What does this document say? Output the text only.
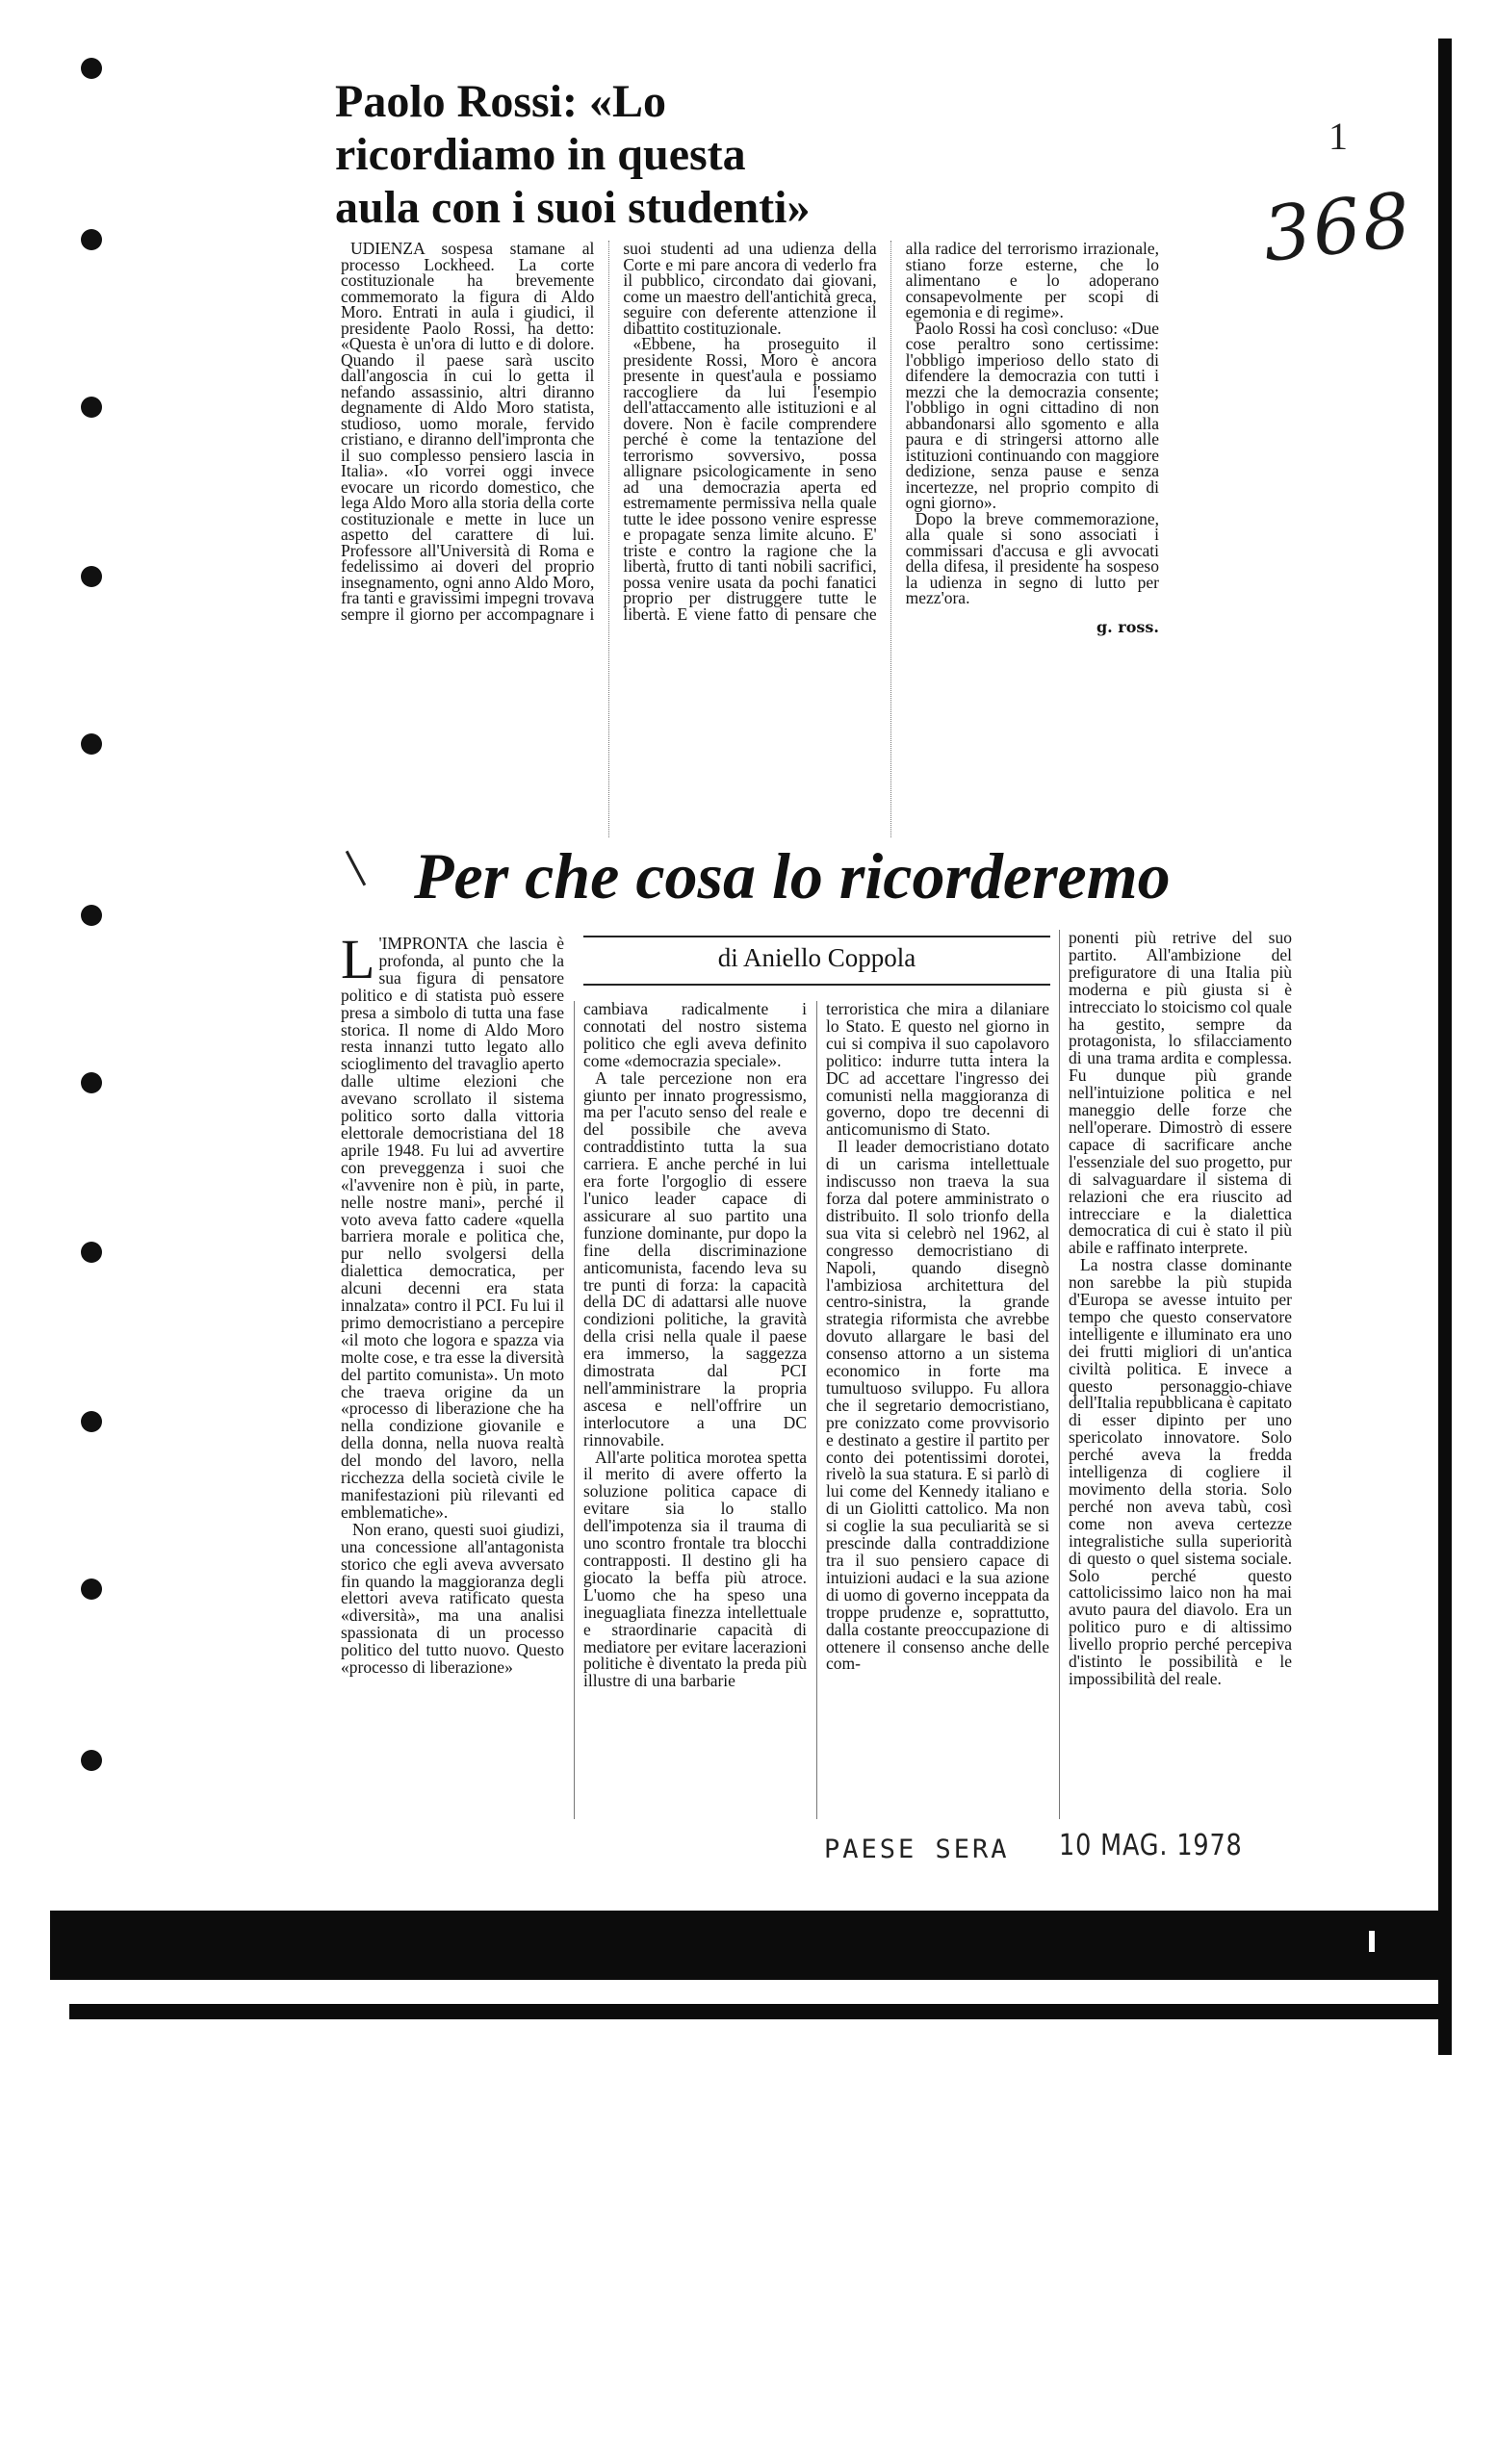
1
368
Paolo Rossi: «Lo ricordiamo in questa aula con i suoi studenti»

UDIENZA sospesa stamane al processo Lockheed. La corte costituzionale ha brevemente commemorato la figura di Aldo Moro. Entrati in aula i giudici, il presidente Paolo Rossi, ha detto: «Questa è un'ora di lutto e di dolore. Quando il paese sarà uscito dall'angoscia in cui lo getta il nefando assassinio, altri diranno degnamente di Aldo Moro statista, studioso, uomo morale, fervido cristiano, e diranno dell'impronta che il suo complesso pensiero lascia in Italia». «Io vorrei oggi invece evocare un ricordo domestico, che lega Aldo Moro alla storia della corte costituzionale e mette in luce un aspetto del carattere di lui. Professore all'Università di Roma e fedelissimo ai doveri del proprio insegnamento, ogni anno Aldo Moro, fra tanti e gravissimi impegni trovava sempre il giorno per accompagnare i suoi studenti ad una udienza della Corte e mi pare ancora di vederlo fra il pubblico, circondato dai giovani, come un maestro dell'antichità greca, seguire con deferente attenzione il dibattito costituzionale.

«Ebbene, ha proseguito il presidente Rossi, Moro è ancora presente in quest'aula e possiamo raccogliere da lui l'esempio dell'attaccamento alle istituzioni e al dovere. Non è facile comprendere perché è come la tentazione del terrorismo sovversivo, possa allignare psicologicamente in seno ad una democrazia aperta ed estremamente permissiva nella quale tutte le idee possono venire espresse e propagate senza limite alcuno. E' triste e contro la ragione che la libertà, frutto di tanti nobili sacrifici, possa venire usata da pochi fanatici proprio per distruggere tutte le libertà. E viene fatto di pensare che alla radice del terrorismo irrazionale, stiano forze esterne, che lo alimentano e lo adoperano consapevolmente per scopi di egemonia e di regime».

Paolo Rossi ha così concluso: «Due cose peraltro sono certissime: l'obbligo imperioso dello stato di difendere la democrazia con tutti i mezzi che la democrazia consente; l'obbligo in ogni cittadino di non abbandonarsi allo sgomento e alla paura e di stringersi attorno alle istituzioni continuando con maggiore dedizione, senza pause e senza incertezze, nel proprio compito di ogni giorno».

Dopo la breve commemorazione, alla quale si sono associati i commissari d'accusa e gli avvocati della difesa, il presidente ha sospeso la udienza in segno di lutto per mezz'ora.

g. ross.

Per che cosa lo ricorderemo
di Aniello Coppola

L 'IMPRONTA che lascia è profonda, al punto che la sua figura di pensatore politico e di statista può essere presa a simbolo di tutta una fase storica. Il nome di Aldo Moro resta innanzi tutto legato allo scioglimento del travaglio aperto dalle ultime elezioni che avevano scrollato il sistema politico sorto dalla vittoria elettorale democristiana del 18 aprile 1948. Fu lui ad avvertire con preveggenza i suoi che «l'avvenire non è più, in parte, nelle nostre mani», perché il voto aveva fatto cadere «quella barriera morale e politica che, pur nello svolgersi della dialettica democratica, per alcuni decenni era stata innalzata» contro il PCI. Fu lui il primo democristiano a percepire «il moto che logora e spazza via molte cose, e tra esse la diversità del partito comunista». Un moto che traeva origine da un «processo di liberazione che ha nella condizione giovanile e della donna, nella nuova realtà del mondo del lavoro, nella ricchezza della società civile le manifestazioni più rilevanti ed emblematiche».

Non erano, questi suoi giudizi, una concessione all'antagonista storico che egli aveva avversato fin quando la maggioranza degli elettori aveva ratificato questa «diversità», ma una analisi spassionata di un processo politico del tutto nuovo. Questo «processo di liberazione»

cambiava radicalmente i connotati del nostro sistema politico che egli aveva definito come «democrazia speciale».

A tale percezione non era giunto per innato progressismo, ma per l'acuto senso del reale e del possibile che aveva contraddistinto tutta la sua carriera. E anche perché in lui era forte l'orgoglio di essere l'unico leader capace di assicurare al suo partito una funzione dominante, pur dopo la fine della discriminazione anticomunista, facendo leva su tre punti di forza: la capacità della DC di adattarsi alle nuove condizioni politiche, la gravità della crisi nella quale il paese era immerso, la saggezza dimostrata dal PCI nell'amministrare la propria ascesa e nell'offrire un interlocutore a una DC rinnovabile.

All'arte politica morotea spetta il merito di avere offerto la soluzione politica capace di evitare sia lo stallo dell'impotenza sia il trauma di uno scontro frontale tra blocchi contrapposti. Il destino gli ha giocato la beffa più atroce. L'uomo che ha speso una ineguagliata finezza intellettuale e straordinarie capacità di mediatore per evitare lacerazioni politiche è diventato la preda più illustre di una barbarie

terroristica che mira a dilaniare lo Stato. E questo nel giorno in cui si compiva il suo capolavoro politico: indurre tutta intera la DC ad accettare l'ingresso dei comunisti nella maggioranza di governo, dopo tre decenni di anticomunismo di Stato.

Il leader democristiano dotato di un carisma intellettuale indiscusso non traeva la sua forza dal potere amministrato o distribuito. Il solo trionfo della sua vita si celebrò nel 1962, al congresso democristiano di Napoli, quando disegnò l'ambiziosa architettura del centro-sinistra, la grande strategia riformista che avrebbe dovuto allargare le basi del consenso attorno a un sistema economico in forte ma tumultuoso sviluppo. Fu allora che il segretario democristiano, pre conizzato come provvisorio e destinato a gestire il partito per conto dei potentissimi dorotei, rivelò la sua statura. E si parlò di lui come del Kennedy italiano e di un Giolitti cattolico. Ma non si coglie la sua peculiarità se si prescinde dalla contraddizione tra il suo pensiero capace di intuizioni audaci e la sua azione di uomo di governo inceppata da troppe prudenze e, soprattutto, dalla costante preoccupazione di ottenere il consenso anche delle com-

ponenti più retrive del suo partito. All'ambizione del prefiguratore di una Italia più moderna e più giusta si è intrecciato lo stoicismo col quale ha gestito, sempre da protagonista, lo sfilacciamento di una trama ardita e complessa. Fu dunque più grande nell'intuizione politica e nel maneggio delle forze che nell'operare. Dimostrò di essere capace di sacrificare anche l'essenziale del suo progetto, pur di salvaguardare il sistema di relazioni che era riuscito ad intrecciare e la dialettica democratica di cui è stato il più abile e raffinato interprete.

La nostra classe dominante non sarebbe la più stupida d'Europa se avesse intuito per tempo che questo conservatore intelligente e illuminato era uno dei frutti migliori di un'antica civiltà politica. E invece a questo personaggio-chiave dell'Italia repubblicana è capitato di esser dipinto per uno spericolato innovatore. Solo perché aveva la fredda intelligenza di cogliere il movimento della storia. Solo perché non aveva tabù, così come non aveva certezze integralistiche sulla superiorità di questo o quel sistema sociale. Solo perché questo cattolicissimo laico non ha mai avuto paura del diavolo. Era un politico puro e di altissimo livello proprio perché percepiva d'istinto le possibilità e le impossibilità del reale.

PAESE SERA 10 MAG. 1978
